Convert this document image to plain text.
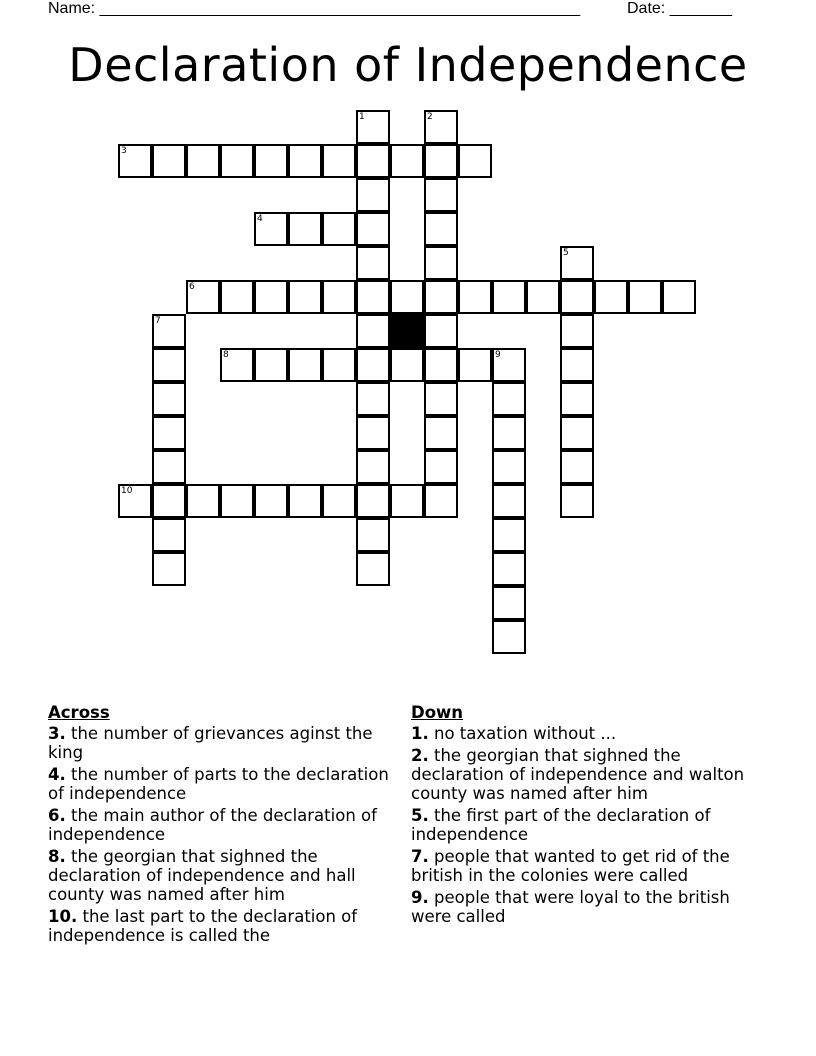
Name: ______________________________________________________	Date: _______
Declaration of Independence
1	2
3
4
5
6
7
8	9
10
Across
3. the number of grievances aginst the king
4. the number of parts to the declaration of independence
6. the main author of the declaration of independence
8. the georgian that sighned the declaration of independence and hall county was named after him
10. the last part to the declaration of independence is called the
Down
1. no taxation without ...
2. the georgian that sighned the declaration of independence and walton county was named after him
5. the first part of the declaration of independence
7. people that wanted to get rid of the british in the colonies were called
9. people that were loyal to the british were called
